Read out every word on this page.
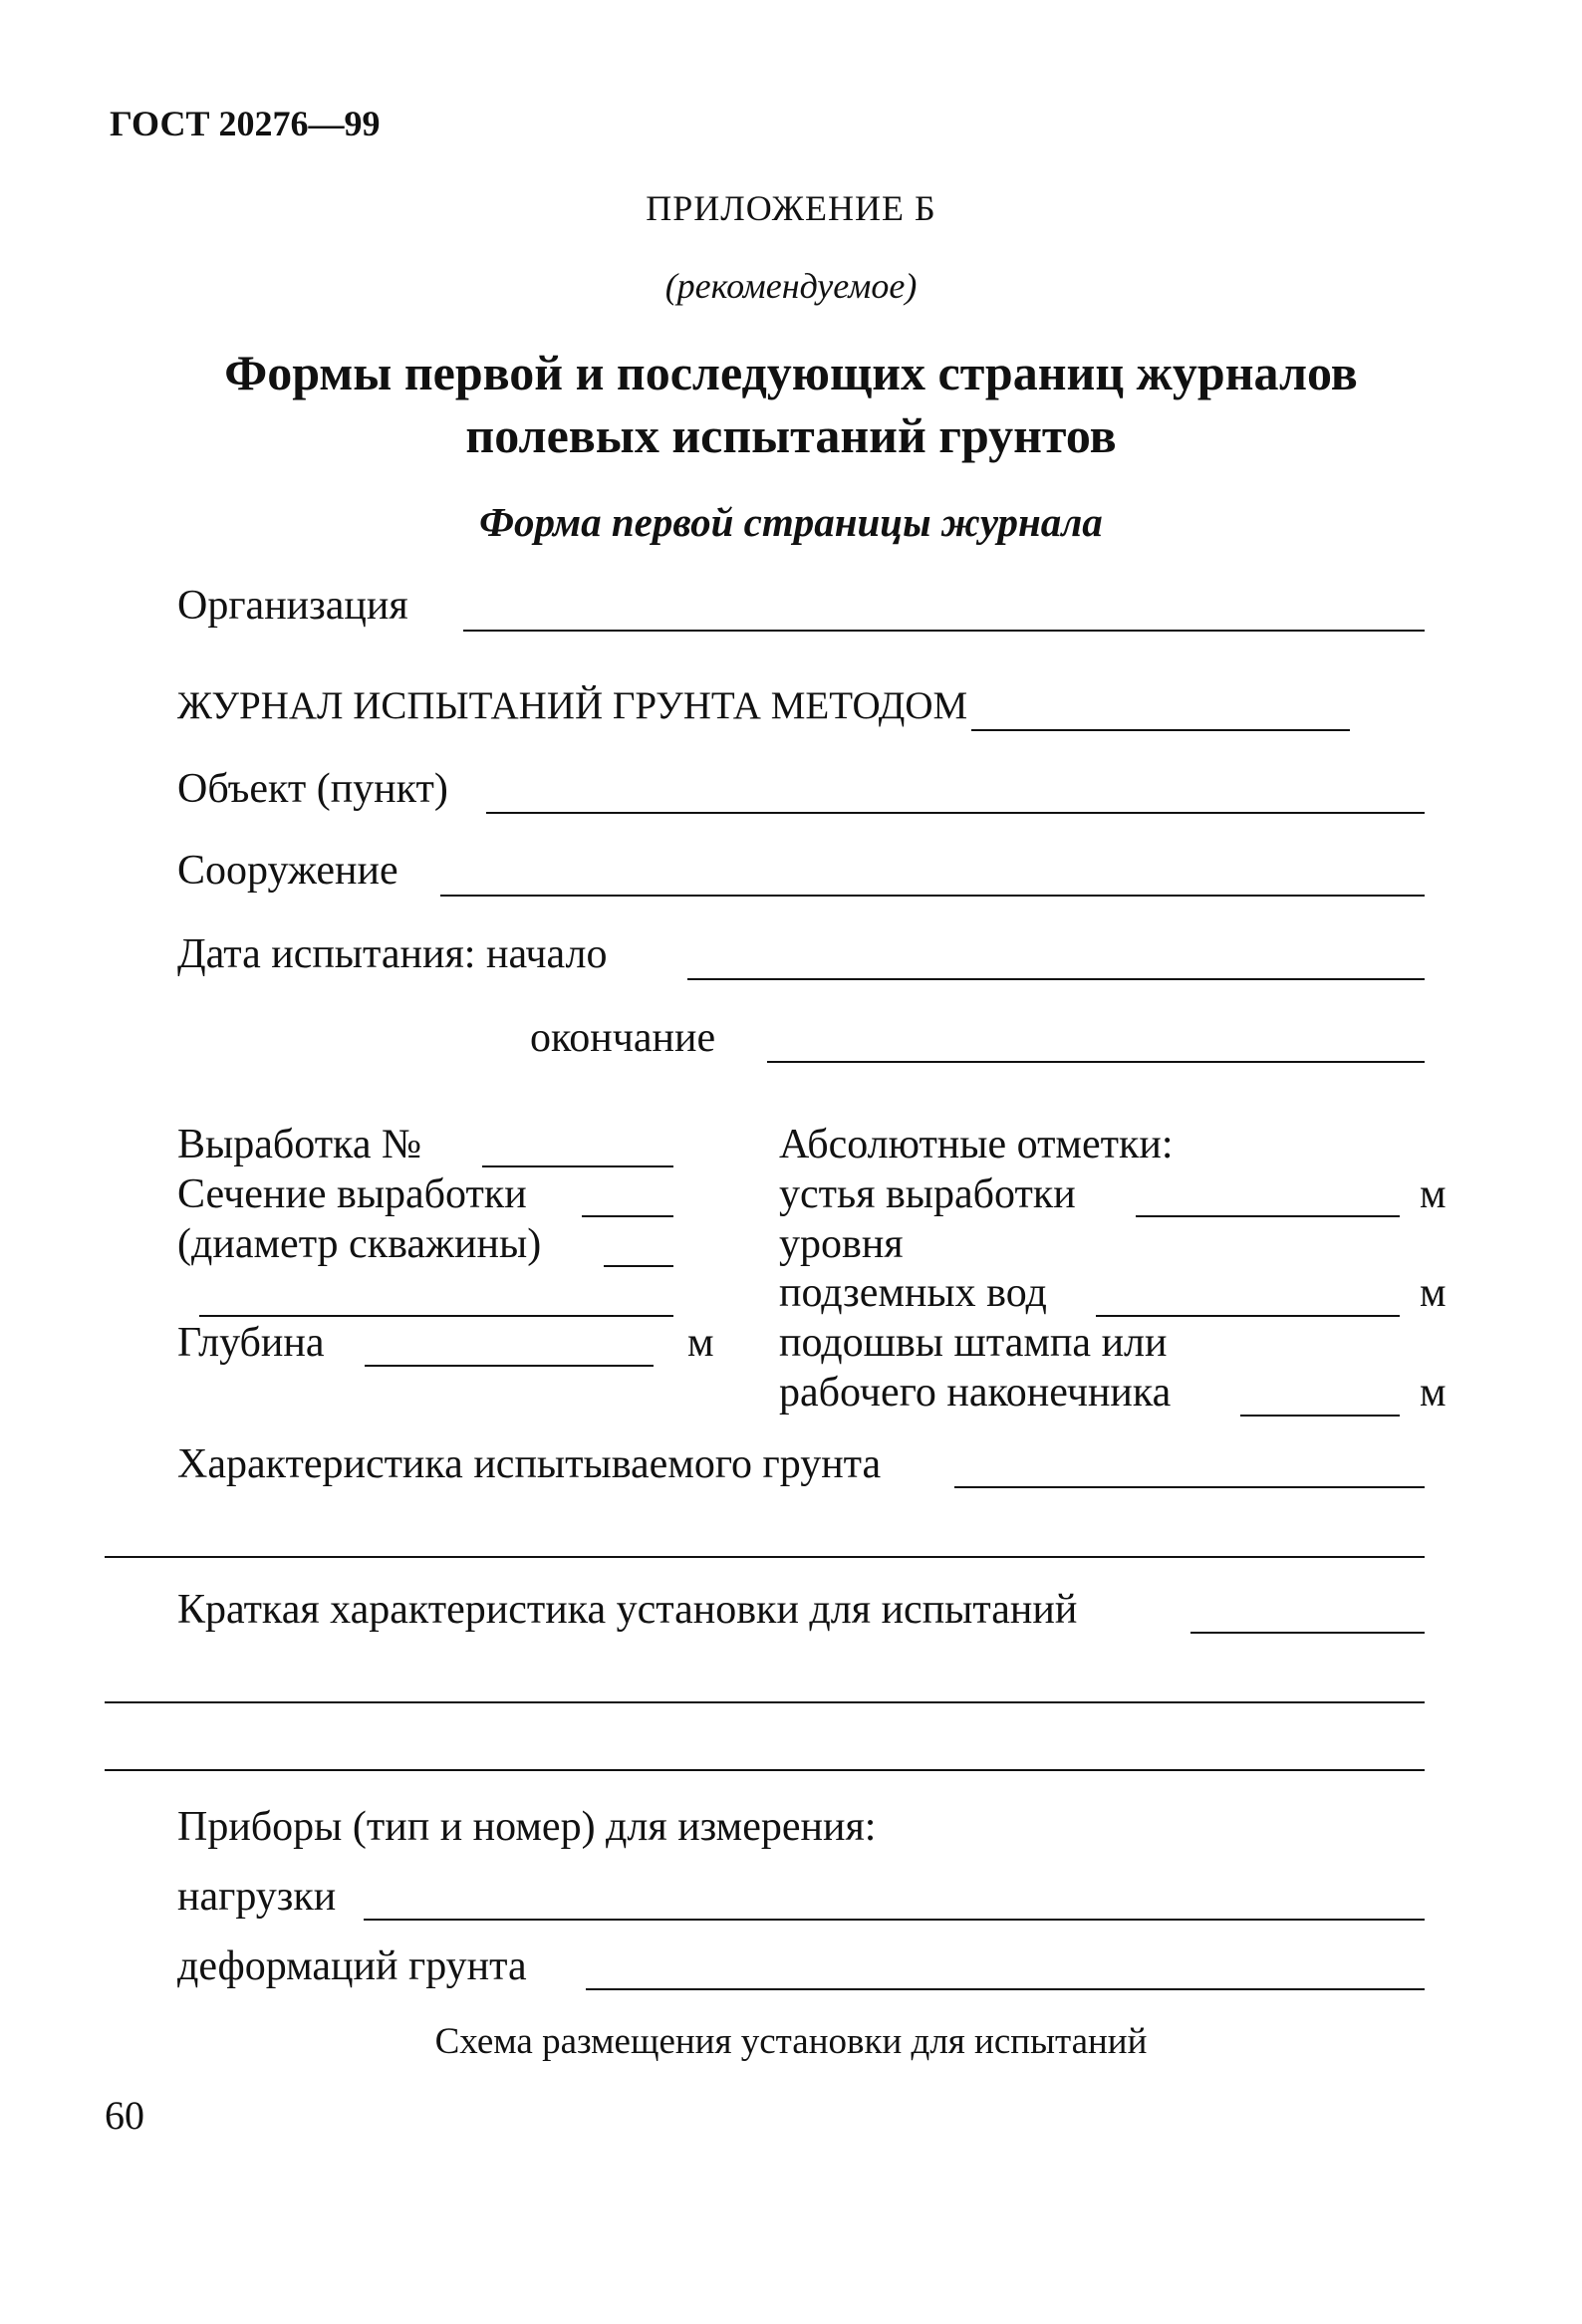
ГОСТ 20276—99
ПРИЛОЖЕНИЕ Б
(рекомендуемое)
Формы первой и последующих страниц журналов
полевых испытаний грунтов
Форма первой страницы журнала
Организация
ЖУРНАЛ ИСПЫТАНИЙ ГРУНТА МЕТОДОМ
Объект (пункт)
Сооружение
Дата испытания: начало
окончание
Выработка №
Сечение выработки
(диаметр скважины)
Глубина	м
Абсолютные отметки:
устья выработки	м
уровня
подземных вод	м
подошвы штампа или
рабочего наконечника	м
Характеристика испытываемого грунта
Краткая характеристика установки для испытаний
Приборы (тип и номер) для измерения:
нагрузки
деформаций грунта
Схема размещения установки для испытаний
60
